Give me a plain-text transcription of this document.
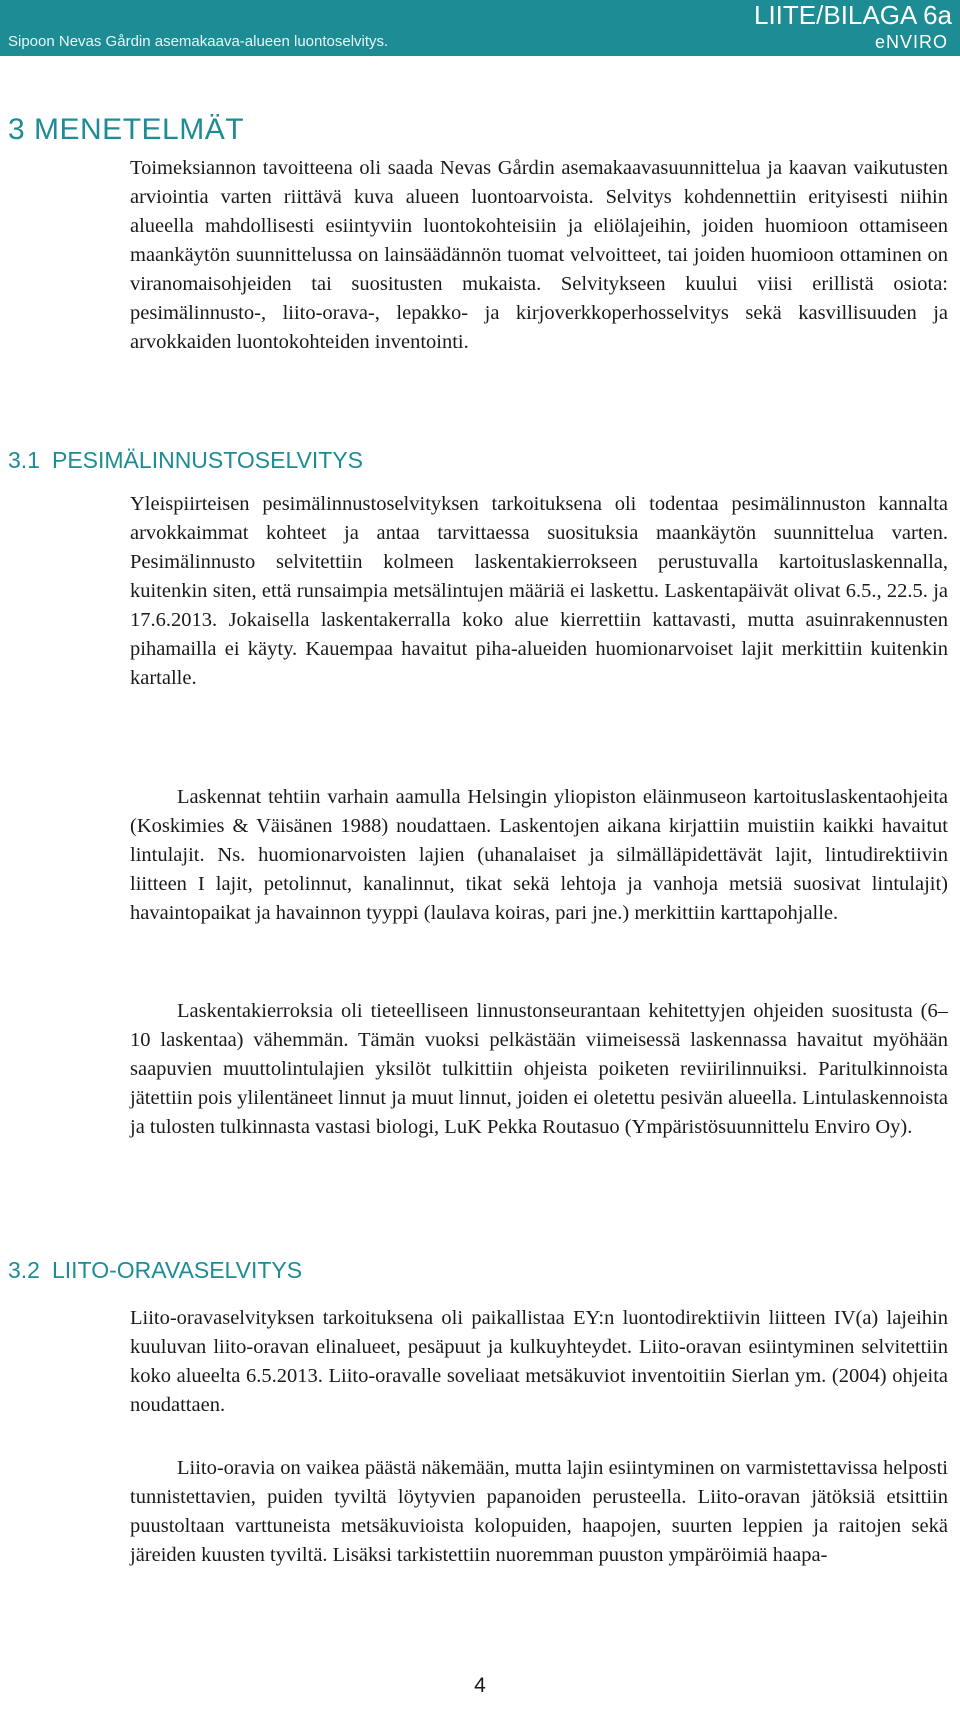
Sipoon Nevas Gårdin asemakaava-alueen luontoselvitys.
LIITE/BILAGA 6a
eNVIRO
3 MENETELMÄT

Toimeksiannon tavoitteena oli saada Nevas Gårdin asemakaavasuunnittelua ja kaavan vaikutusten arviointia varten riittävä kuva alueen luontoarvoista. Selvitys kohdennettiin erityisesti niihin alueella mahdollisesti esiintyviin luontokohteisiin ja eliölajeihin, joiden huomioon ottamiseen maankäytön suunnittelussa on lainsäädännön tuomat velvoitteet, tai joiden huomioon ottaminen on viranomaisohjeiden tai suositusten mukaista. Selvitykseen kuului viisi erillistä osiota: pesimälinnusto-, liito-orava-, lepakko- ja kirjoverkkoperhosselvitys sekä kasvillisuuden ja arvokkaiden luontokohteiden inventointi.

3.1 PESIMÄLINNUSTOSELVITYS

Yleispiirteisen pesimälinnustoselvityksen tarkoituksena oli todentaa pesimälinnuston kannalta arvokkaimmat kohteet ja antaa tarvittaessa suosituksia maankäytön suunnittelua varten. Pesimälinnusto selvitettiin kolmeen laskentakierrokseen perustuvalla kartoituslaskennalla, kuitenkin siten, että runsaimpia metsälintujen määriä ei laskettu. Laskentapäivät olivat 6.5., 22.5. ja 17.6.2013. Jokaisella laskentakerralla koko alue kierrettiin kattavasti, mutta asuinrakennusten pihamailla ei käyty. Kauempaa havaitut piha-alueiden huomionarvoiset lajit merkittiin kuitenkin kartalle.

Laskennat tehtiin varhain aamulla Helsingin yliopiston eläinmuseon kartoituslaskentaohjeita (Koskimies & Väisänen 1988) noudattaen. Laskentojen aikana kirjattiin muistiin kaikki havaitut lintulajit. Ns. huomionarvoisten lajien (uhanalaiset ja silmälläpidettävät lajit, lintudirektiivin liitteen I lajit, petolinnut, kanalinnut, tikat sekä lehtoja ja vanhoja metsiä suosivat lintulajit) havaintopaikat ja havainnon tyyppi (laulava koiras, pari jne.) merkittiin karttapohjalle.

Laskentakierroksia oli tieteelliseen linnustonseurantaan kehitettyjen ohjeiden suositusta (6–10 laskentaa) vähemmän. Tämän vuoksi pelkästään viimeisessä laskennassa havaitut myöhään saapuvien muuttolintulajien yksilöt tulkittiin ohjeista poiketen reviirilinnuiksi. Paritulkinnoista jätettiin pois ylilentäneet linnut ja muut linnut, joiden ei oletettu pesivän alueella. Lintulaskennoista ja tulosten tulkinnasta vastasi biologi, LuK Pekka Routasuo (Ympäristösuunnittelu Enviro Oy).

3.2 LIITO-ORAVASELVITYS

Liito-oravaselvityksen tarkoituksena oli paikallistaa EY:n luontodirektiivin liitteen IV(a) lajeihin kuuluvan liito-oravan elinalueet, pesäpuut ja kulkuyhteydet. Liito-oravan esiintyminen selvitettiin koko alueelta 6.5.2013. Liito-oravalle soveliaat metsäkuviot inventoitiin Sierlan ym. (2004) ohjeita noudattaen.

Liito-oravia on vaikea päästä näkemään, mutta lajin esiintyminen on varmistettavissa helposti tunnistettavien, puiden tyviltä löytyvien papanoiden perusteella. Liito-oravan jätöksiä etsittiin puustoltaan varttuneista metsäkuvioista kolopuiden, haapojen, suurten leppien ja raitojen sekä järeiden kuusten tyviltä. Lisäksi tarkistettiin nuoremman puuston ympäröimiä haapa-

4
